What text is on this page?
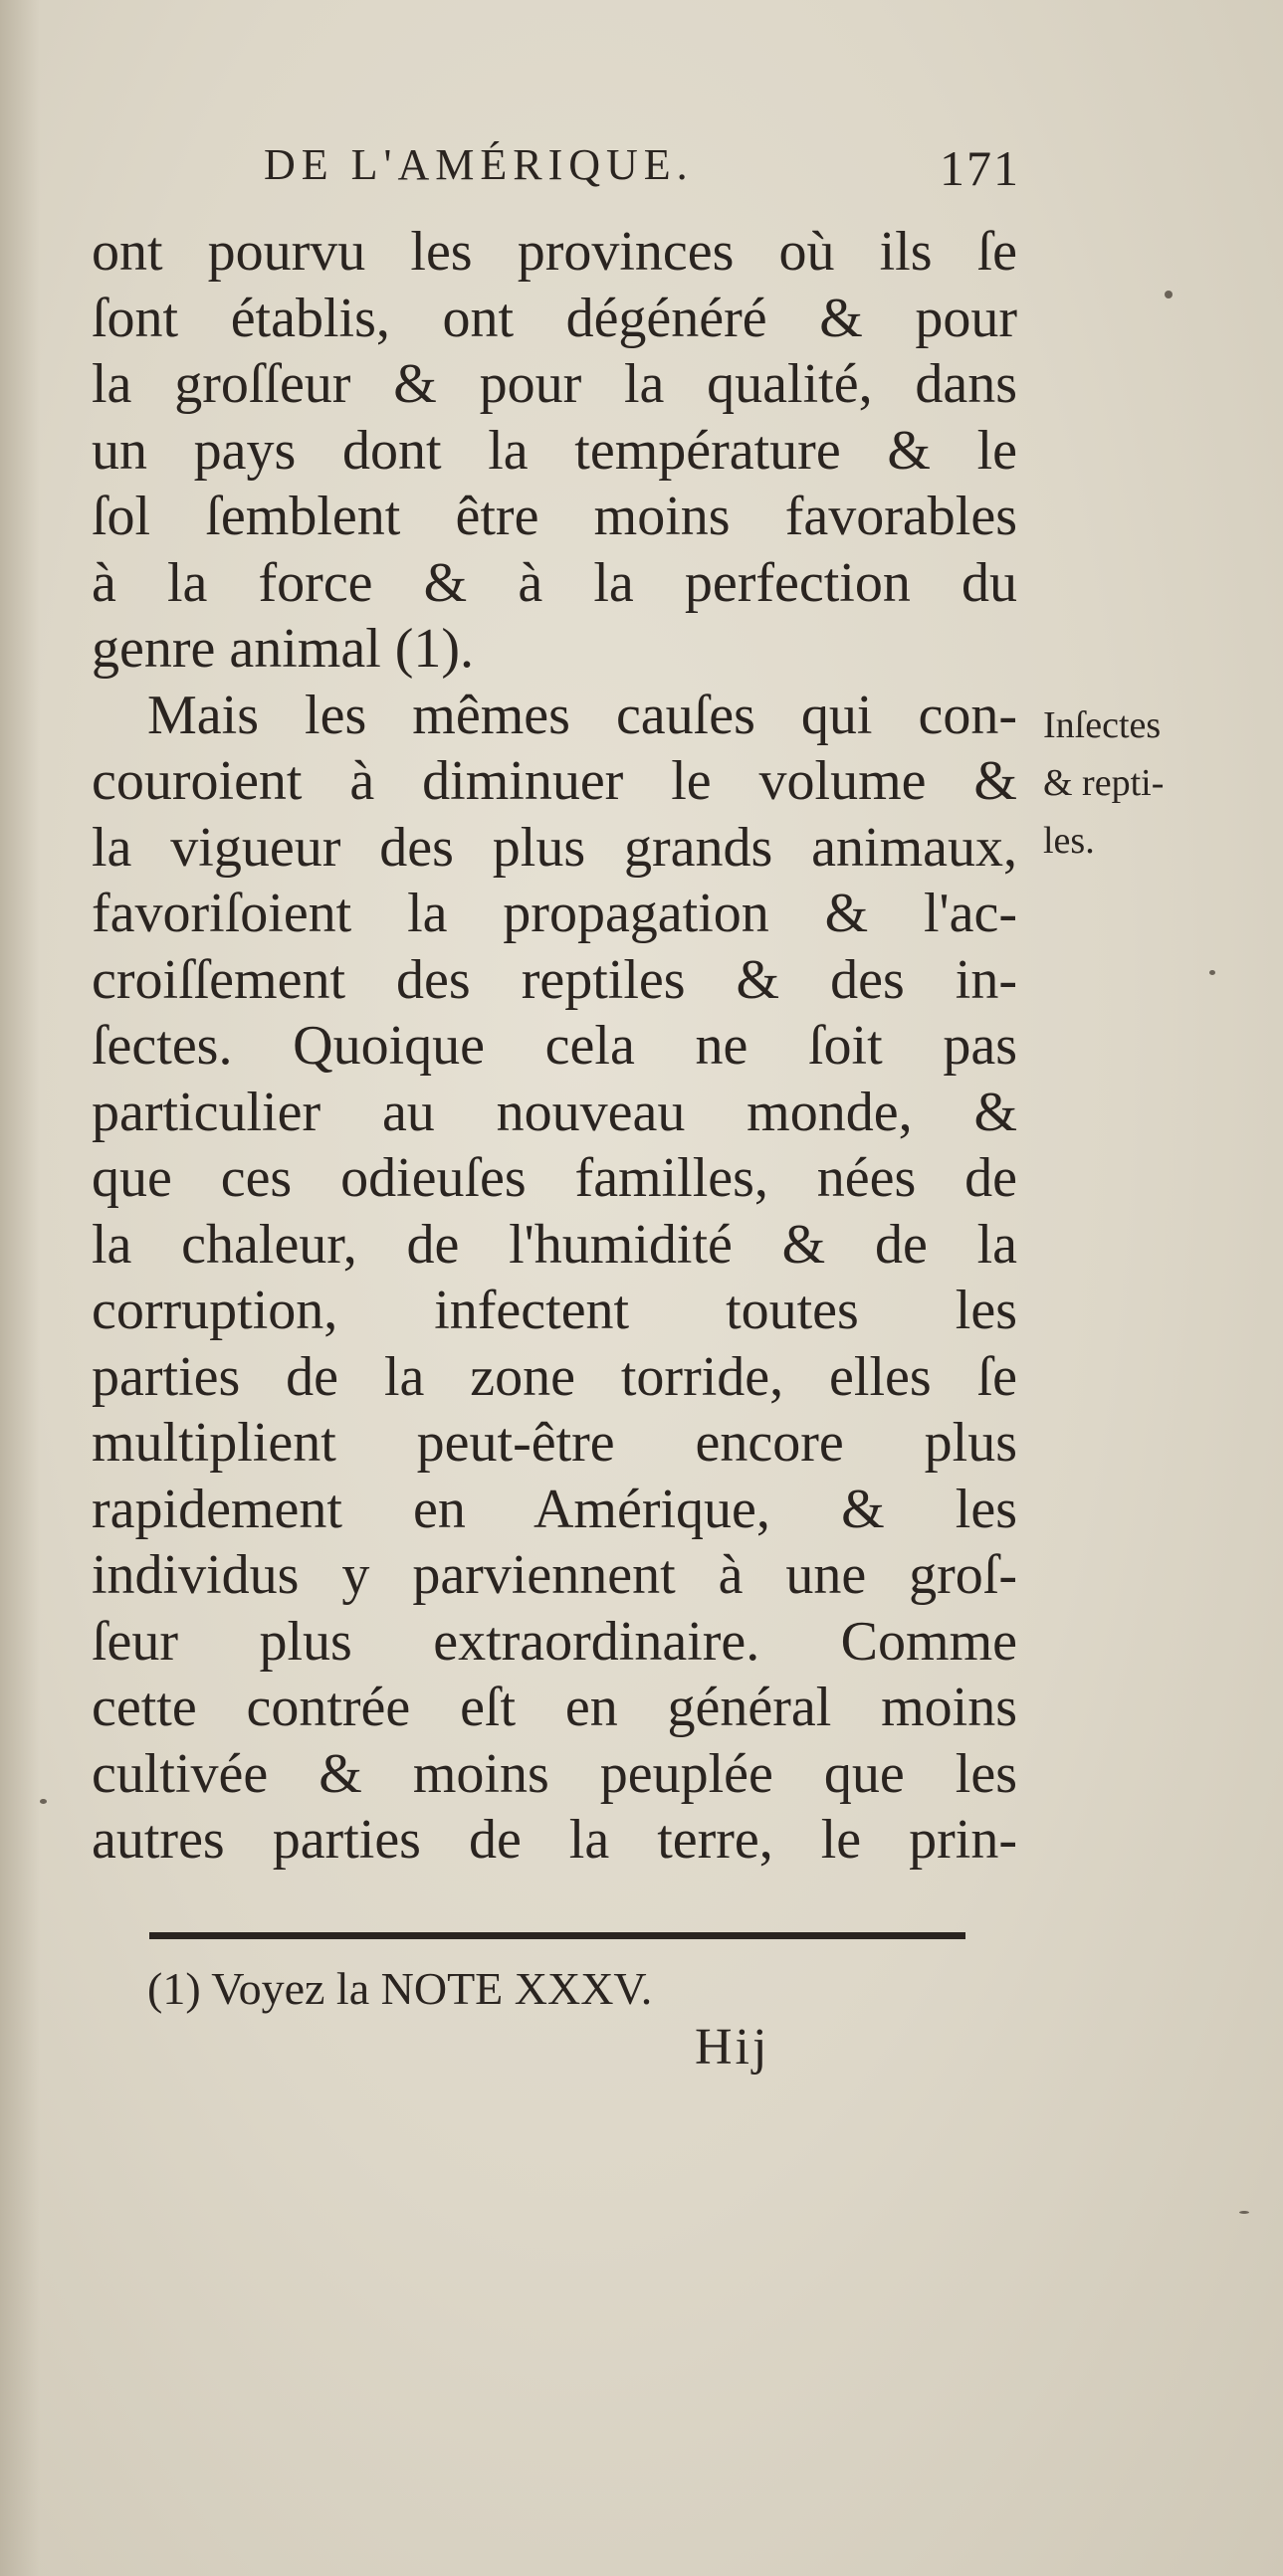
DE L'AMÉRIQUE.	171
ont pourvu les provinces où ils ſe
ſont établis, ont dégénéré & pour
la groſſeur & pour la qualité, dans
un pays dont la température & le
ſol ſemblent être moins favorables
à la force & à la perfection du
genre animal (1).
Mais les mêmes cauſes qui con-
couroient à diminuer le volume &
la vigueur des plus grands animaux,
favoriſoient la propagation & l'ac-
croiſſement des reptiles & des in-
ſectes. Quoique cela ne ſoit pas
particulier au nouveau monde, &
que ces odieuſes familles, nées de
la chaleur, de l'humidité & de la
corruption, infectent toutes les
parties de la zone torride, elles ſe
multiplient peut-être encore plus
rapidement en Amérique, & les
individus y parviennent à une groſ-
ſeur plus extraordinaire. Comme
cette contrée eſt en général moins
cultivée & moins peuplée que les
autres parties de la terre, le prin-
Inſectes
& repti-
les.
(1) Voyez la NOTE XXXV.
Hij
